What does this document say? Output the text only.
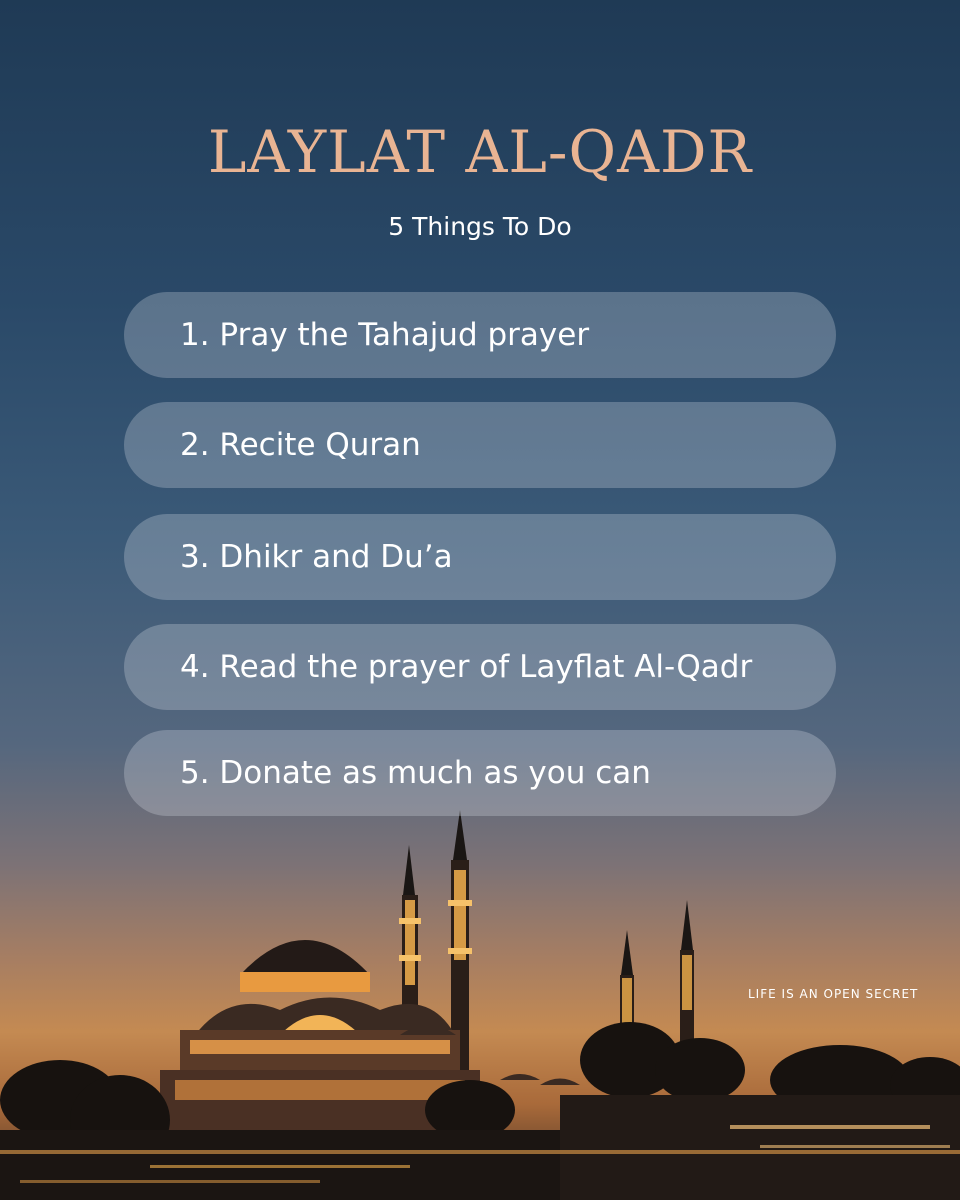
LAYLAT AL-QADR
5 Things To Do
1. Pray the Tahajud prayer
2. Recite Quran
3. Dhikr and Du’a
4. Read the prayer of Layflat Al-Qadr
5. Donate as much as you can
LIFE IS AN OPEN SECRET
